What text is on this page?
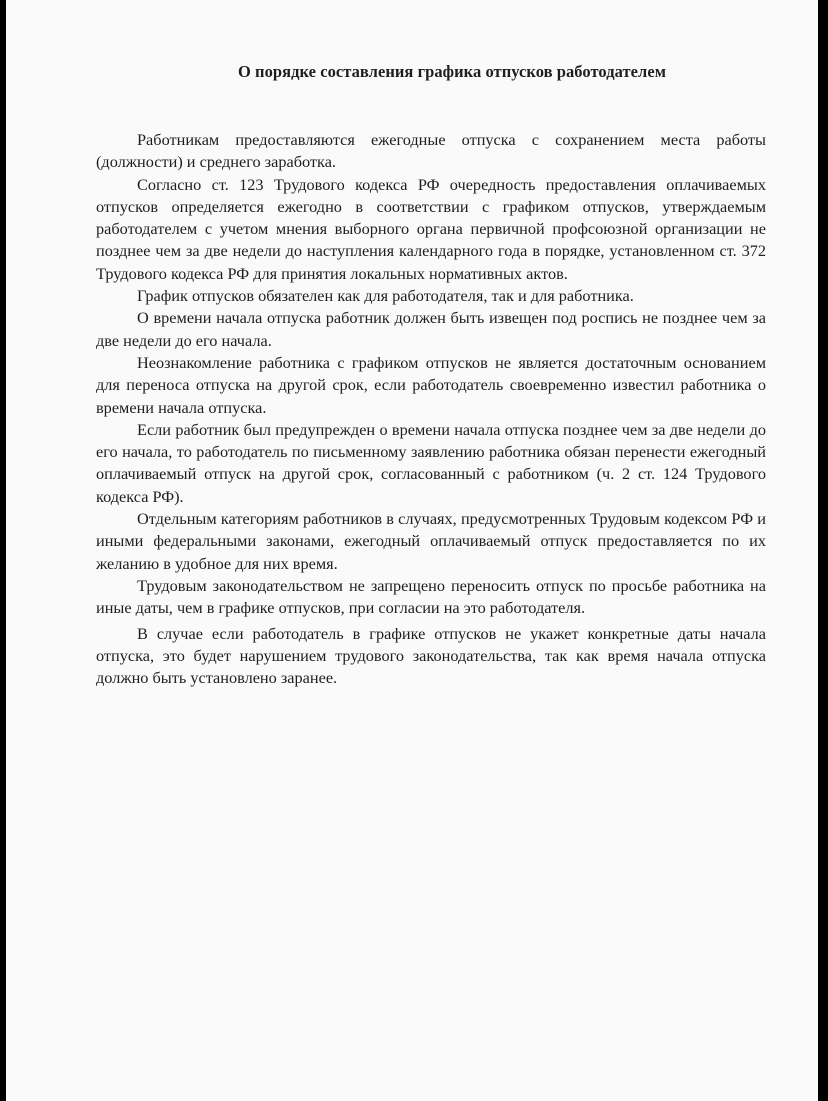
О порядке составления графика отпусков работодателем

Работникам предоставляются ежегодные отпуска с сохранением места работы (должности) и среднего заработка.

Согласно ст. 123 Трудового кодекса РФ очередность предоставления оплачиваемых отпусков определяется ежегодно в соответствии с графиком отпусков, утверждаемым работодателем с учетом мнения выборного органа первичной профсоюзной организации не позднее чем за две недели до наступления календарного года в порядке, установленном ст. 372 Трудового кодекса РФ для принятия локальных нормативных актов.

График отпусков обязателен как для работодателя, так и для работника.

О времени начала отпуска работник должен быть извещен под роспись не позднее чем за две недели до его начала.

Неознакомление работника с графиком отпусков не является достаточным основанием для переноса отпуска на другой срок, если работодатель своевременно известил работника о времени начала отпуска.

Если работник был предупрежден о времени начала отпуска позднее чем за две недели до его начала, то работодатель по письменному заявлению работника обязан перенести ежегодный оплачиваемый отпуск на другой срок, согласованный с работником (ч. 2 ст. 124 Трудового кодекса РФ).

Отдельным категориям работников в случаях, предусмотренных Трудовым кодексом РФ и иными федеральными законами, ежегодный оплачиваемый отпуск предоставляется по их желанию в удобное для них время.

Трудовым законодательством не запрещено переносить отпуск по просьбе работника на иные даты, чем в графике отпусков, при согласии на это работодателя.

В случае если работодатель в графике отпусков не укажет конкретные даты начала отпуска, это будет нарушением трудового законодательства, так как время начала отпуска должно быть установлено заранее.
